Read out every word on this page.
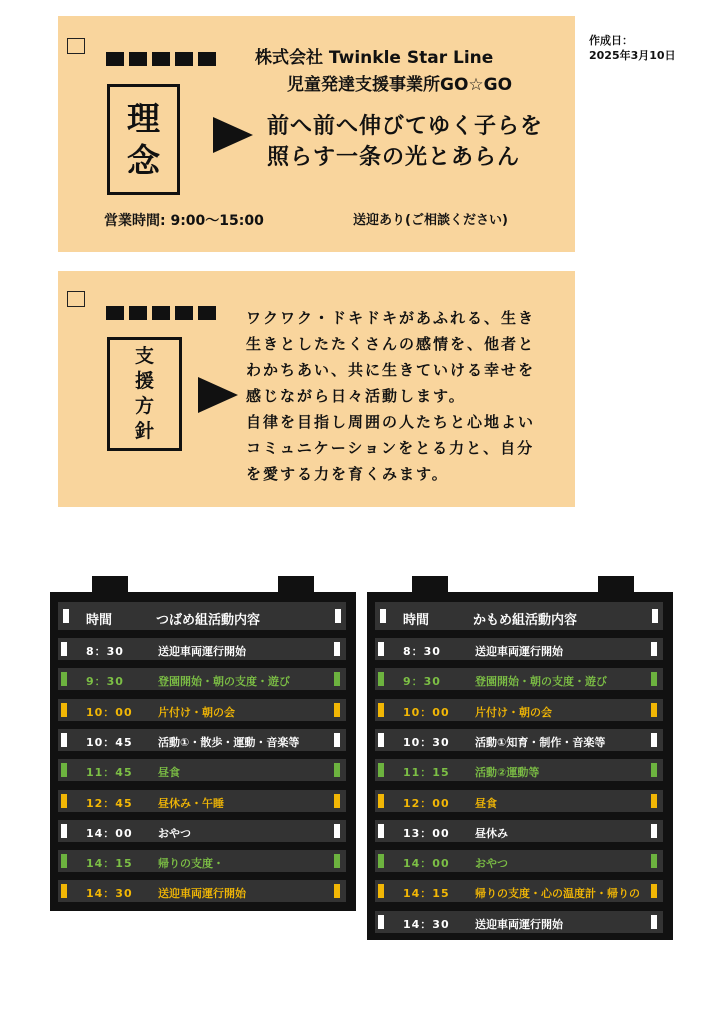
作成日：
2025年3月10日
理
念
株式会社 Twinkle Star Line
児童発達支援事業所GO☆GO
前へ前へ伸びてゆく子らを
照らす一条の光とあらん
営業時間: 9:00～15:00	送迎あり(ご相談ください)
支
援
方
針
ワクワク・ドキドキがあふれる、生き
生きとしたたくさんの感情を、他者と
わかちあい、共に生きていける幸せを
感じながら日々活動します。
自律を目指し周囲の人たちと心地よい
コミュニケーションをとる力と、自分
を愛する力を育くみます。
時間	つばめ組活動内容
8：30	送迎車両運行開始
9：30	登園開始・朝の支度・遊び
10：00 片付け・朝の会
10：45 活動①・散歩・運動・音楽等
11：45 昼食
12：45 昼休み・午睡
14：00 おやつ
14：15 帰りの支度・
14：30 送迎車両運行開始
時間	かもめ組活動内容
8：30	送迎車両運行開始
9：30	登園開始・朝の支度・遊び
10：00 片付け・朝の会
10：30 活動①知育・制作・音楽等
11：15 活動②運動等
12：00 昼食
13：00 昼休み
14：00 おやつ
14：15 帰りの支度・心の温度計・帰りの
14：30 送迎車両運行開始
